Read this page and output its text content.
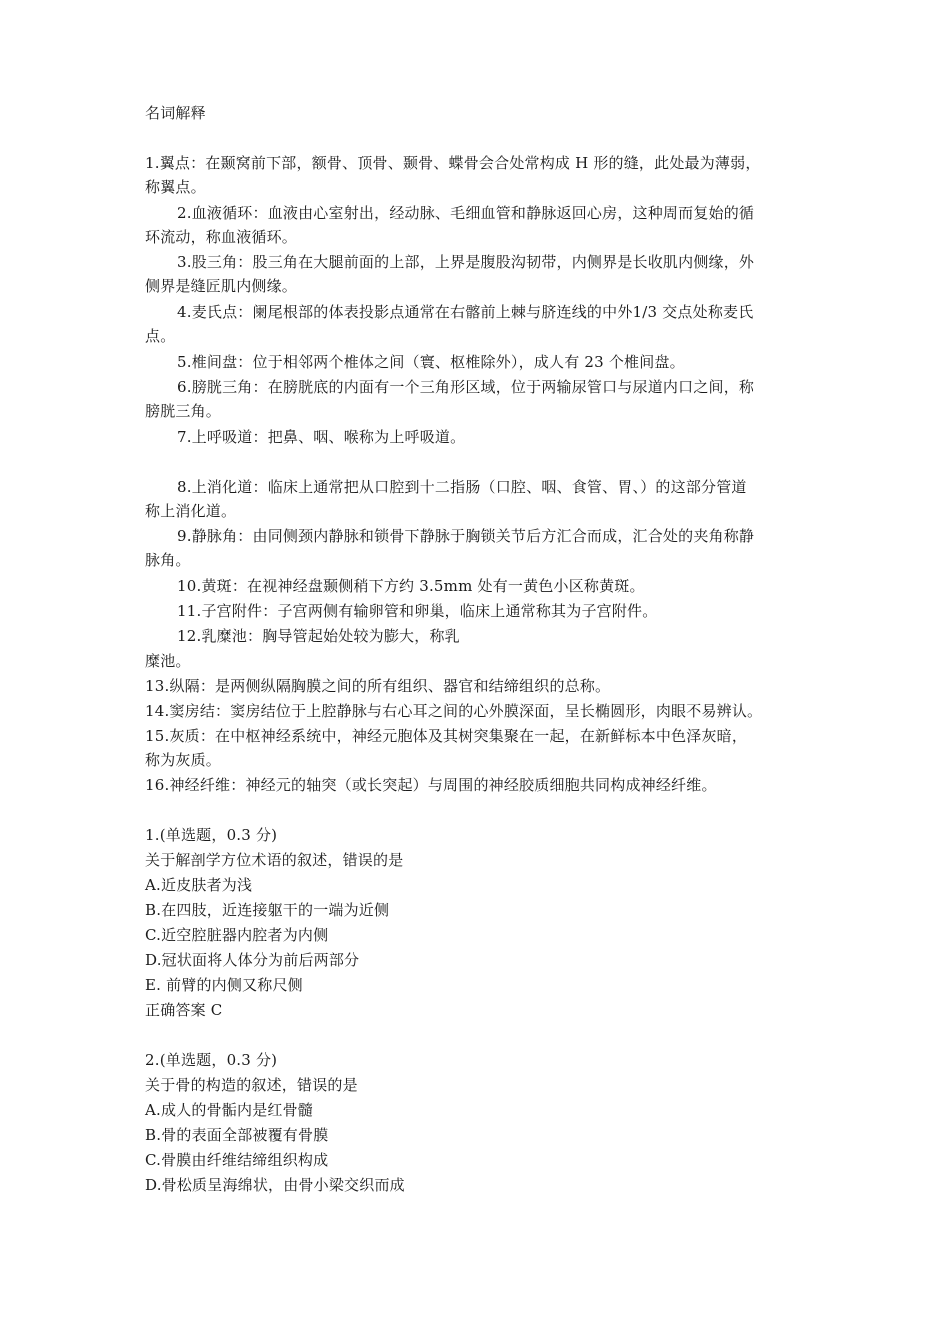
名词解释
1.翼点：在颞窝前下部，额骨、顶骨、颞骨、蝶骨会合处常构成 H 形的缝，此处最为薄弱，
称翼点。
2.血液循环：血液由心室射出，经动脉、毛细血管和静脉返回心房，这种周而复始的循
环流动，称血液循环。
3.股三角：股三角在大腿前面的上部，上界是腹股沟韧带，内侧界是长收肌内侧缘，外
侧界是缝匠肌内侧缘。
4.麦氏点：阑尾根部的体表投影点通常在右髂前上棘与脐连线的中外1/3 交点处称麦氏
点。
5.椎间盘：位于相邻两个椎体之间（寰、枢椎除外），成人有 23 个椎间盘。
6.膀胱三角：在膀胱底的内面有一个三角形区域，位于两输尿管口与尿道内口之间，称
膀胱三角。
7.上呼吸道：把鼻、咽、喉称为上呼吸道。
8.上消化道：临床上通常把从口腔到十二指肠（口腔、咽、食管、胃、）的这部分管道
称上消化道。
9.静脉角：由同侧颈内静脉和锁骨下静脉于胸锁关节后方汇合而成，汇合处的夹角称静
脉角。
10.黄斑：在视神经盘颞侧稍下方约 3.5mm 处有一黄色小区称黄斑。
11.子宫附件：子宫两侧有输卵管和卵巢，临床上通常称其为子宫附件。
12.乳糜池：胸导管起始处较为膨大，称乳
糜池。
13.纵隔：是两侧纵隔胸膜之间的所有组织、器官和结缔组织的总称。
14.窦房结：窦房结位于上腔静脉与右心耳之间的心外膜深面，呈长椭圆形，肉眼不易辨认。
15.灰质：在中枢神经系统中，神经元胞体及其树突集聚在一起，在新鲜标本中色泽灰暗，
称为灰质。
16.神经纤维：神经元的轴突（或长突起）与周围的神经胶质细胞共同构成神经纤维。
1.(单选题，0.3 分)
关于解剖学方位术语的叙述，错误的是
A.近皮肤者为浅
B.在四肢，近连接躯干的一端为近侧
C.近空腔脏器内腔者为内侧
D.冠状面将人体分为前后两部分
E. 前臂的内侧又称尺侧
正确答案 C
2.(单选题，0.3 分)
关于骨的构造的叙述，错误的是
A.成人的骨骺内是红骨髓
B.骨的表面全部被覆有骨膜
C.骨膜由纤维结缔组织构成
D.骨松质呈海绵状，由骨小梁交织而成
